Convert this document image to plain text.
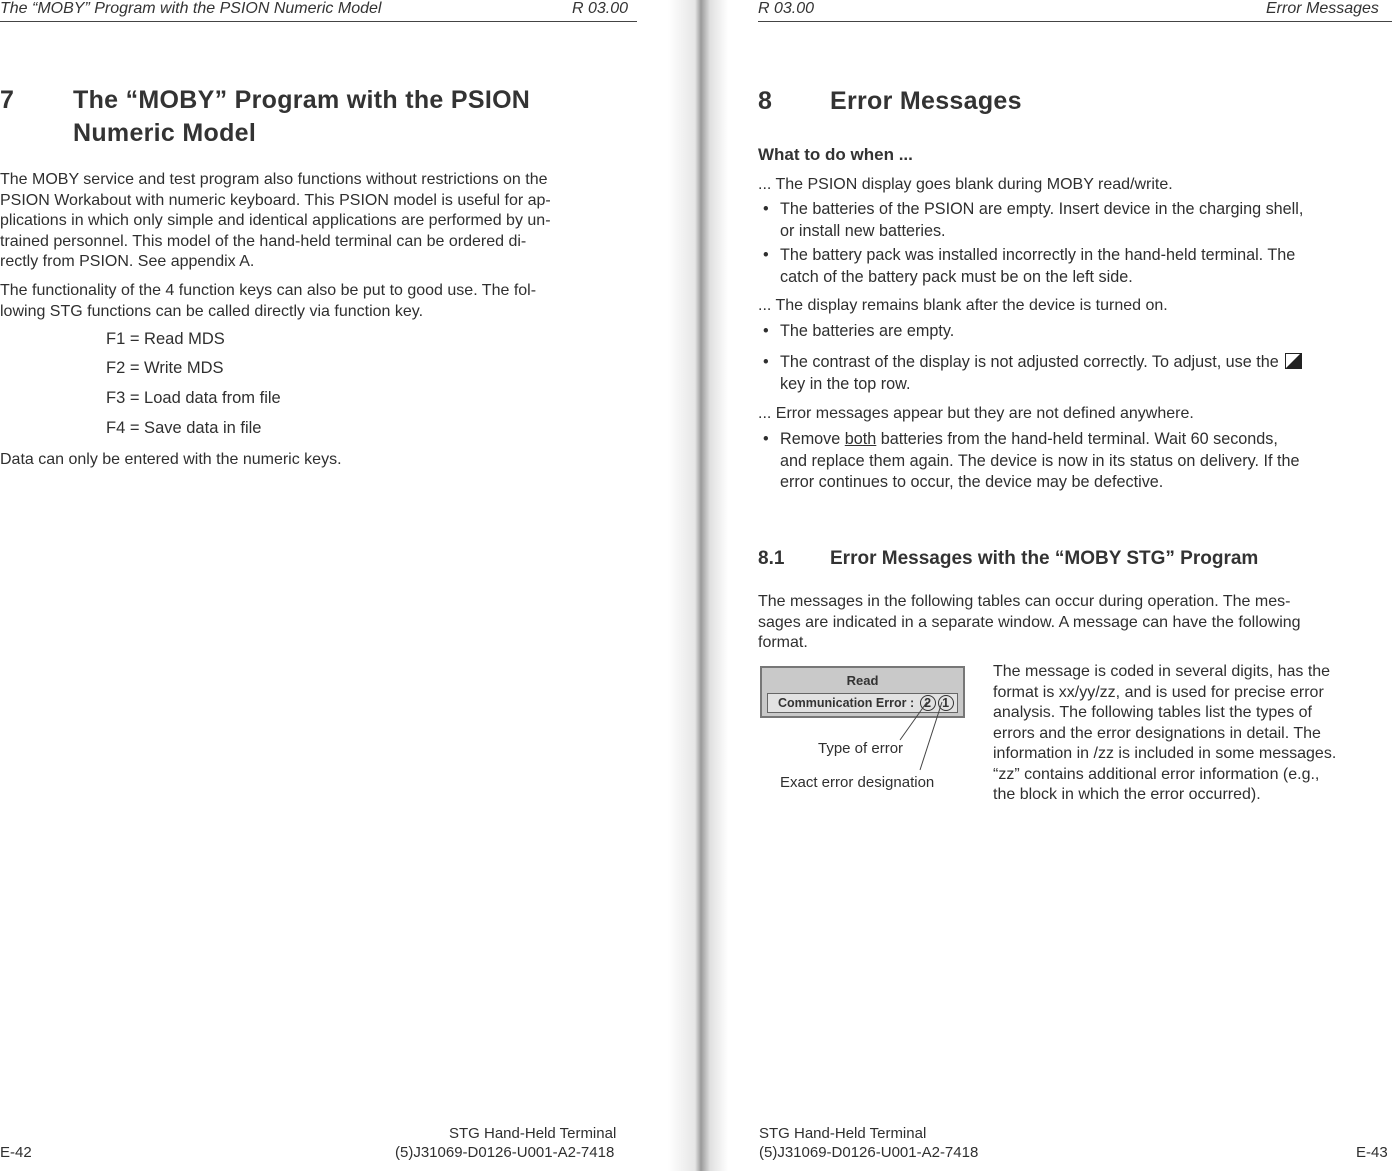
The “MOBY” Program with the PSION Numeric Model	R 03.00
7 The “MOBY” Program with the PSION
Numeric Model
The MOBY service and test program also functions without restrictions on the
PSION Workabout with numeric keyboard. This PSION model is useful for ap-
plications in which only simple and identical applications are performed by un-
trained personnel. This model of the hand-held terminal can be ordered di-
rectly from PSION. See appendix A.
The functionality of the 4 function keys can also be put to good use. The fol-
lowing STG functions can be called directly via function key.
F1 = Read MDS
F2 = Write MDS
F3 = Load data from file
F4 = Save data in file
Data can only be entered with the numeric keys.
STG Hand-Held Terminal
E-42	(5)J31069-D0126-U001-A2-7418
R 03.00	Error Messages
8 Error Messages
What to do when ...
... The PSION display goes blank during MOBY read/write.
• The batteries of the PSION are empty. Insert device in the charging shell,
or install new batteries.
• The battery pack was installed incorrectly in the hand-held terminal. The
catch of the battery pack must be on the left side.
... The display remains blank after the device is turned on.
• The batteries are empty.
• The contrast of the display is not adjusted correctly. To adjust, use the
key in the top row.
... Error messages appear but they are not defined anywhere.
• Remove both batteries from the hand-held terminal. Wait 60 seconds,
and replace them again. The device is now in its status on delivery. If the
error continues to occur, the device may be defective.
8.1 Error Messages with the “MOBY STG” Program
The messages in the following tables can occur during operation. The mes-
sages are indicated in a separate window. A message can have the following
format.
Read
Communication Error : 2 1
Type of error
Exact error designation
The message is coded in several digits, has the
format is xx/yy/zz, and is used for precise error
analysis. The following tables list the types of
errors and the error designations in detail. The
information in /zz is included in some messages.
“zz” contains additional error information (e.g.,
the block in which the error occurred).
STG Hand-Held Terminal
(5)J31069-D0126-U001-A2-7418	E-43
